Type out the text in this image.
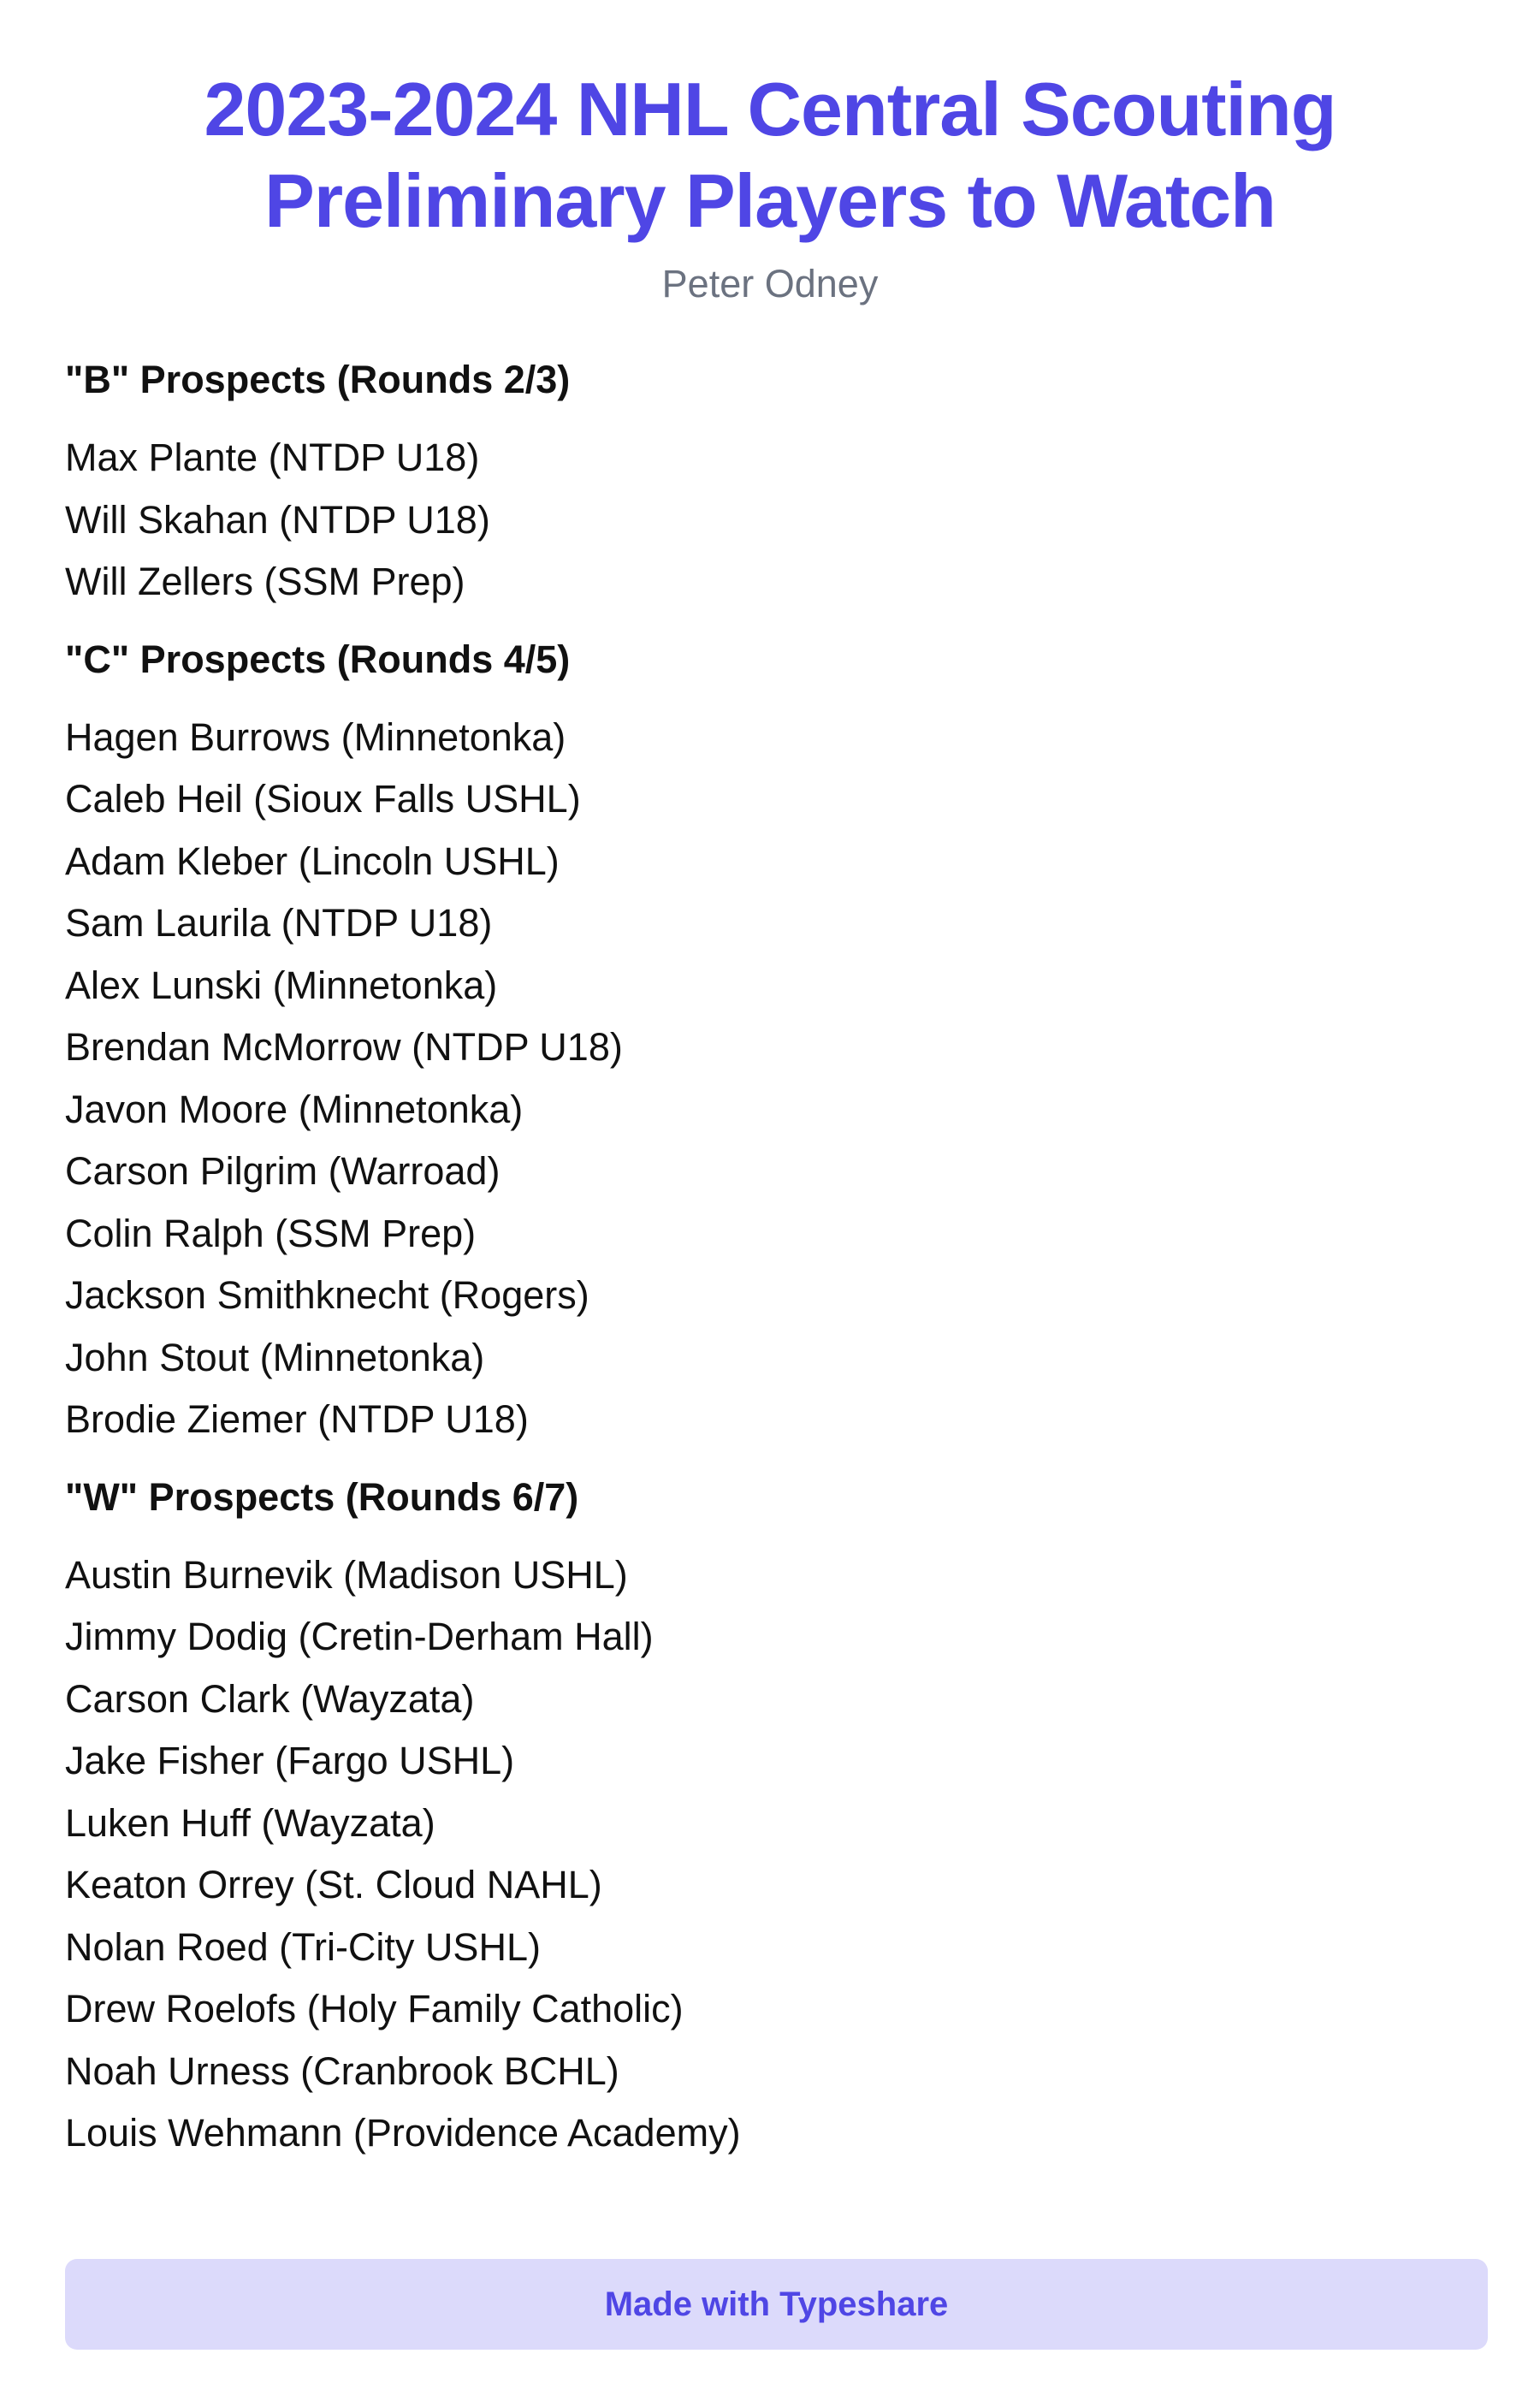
2023-2024 NHL Central Scouting
Preliminary Players to Watch
Peter Odney
"B" Prospects (Rounds 2/3)
Max Plante (NTDP U18)
Will Skahan (NTDP U18)
Will Zellers (SSM Prep)
"C" Prospects (Rounds 4/5)
Hagen Burrows (Minnetonka)
Caleb Heil (Sioux Falls USHL)
Adam Kleber (Lincoln USHL)
Sam Laurila (NTDP U18)
Alex Lunski (Minnetonka)
Brendan McMorrow (NTDP U18)
Javon Moore (Minnetonka)
Carson Pilgrim (Warroad)
Colin Ralph (SSM Prep)
Jackson Smithknecht (Rogers)
John Stout (Minnetonka)
Brodie Ziemer (NTDP U18)
"W" Prospects (Rounds 6/7)
Austin Burnevik (Madison USHL)
Jimmy Dodig (Cretin-Derham Hall)
Carson Clark (Wayzata)
Jake Fisher (Fargo USHL)
Luken Huff (Wayzata)
Keaton Orrey (St. Cloud NAHL)
Nolan Roed (Tri-City USHL)
Drew Roelofs (Holy Family Catholic)
Noah Urness (Cranbrook BCHL)
Louis Wehmann (Providence Academy)
Made with Typeshare
